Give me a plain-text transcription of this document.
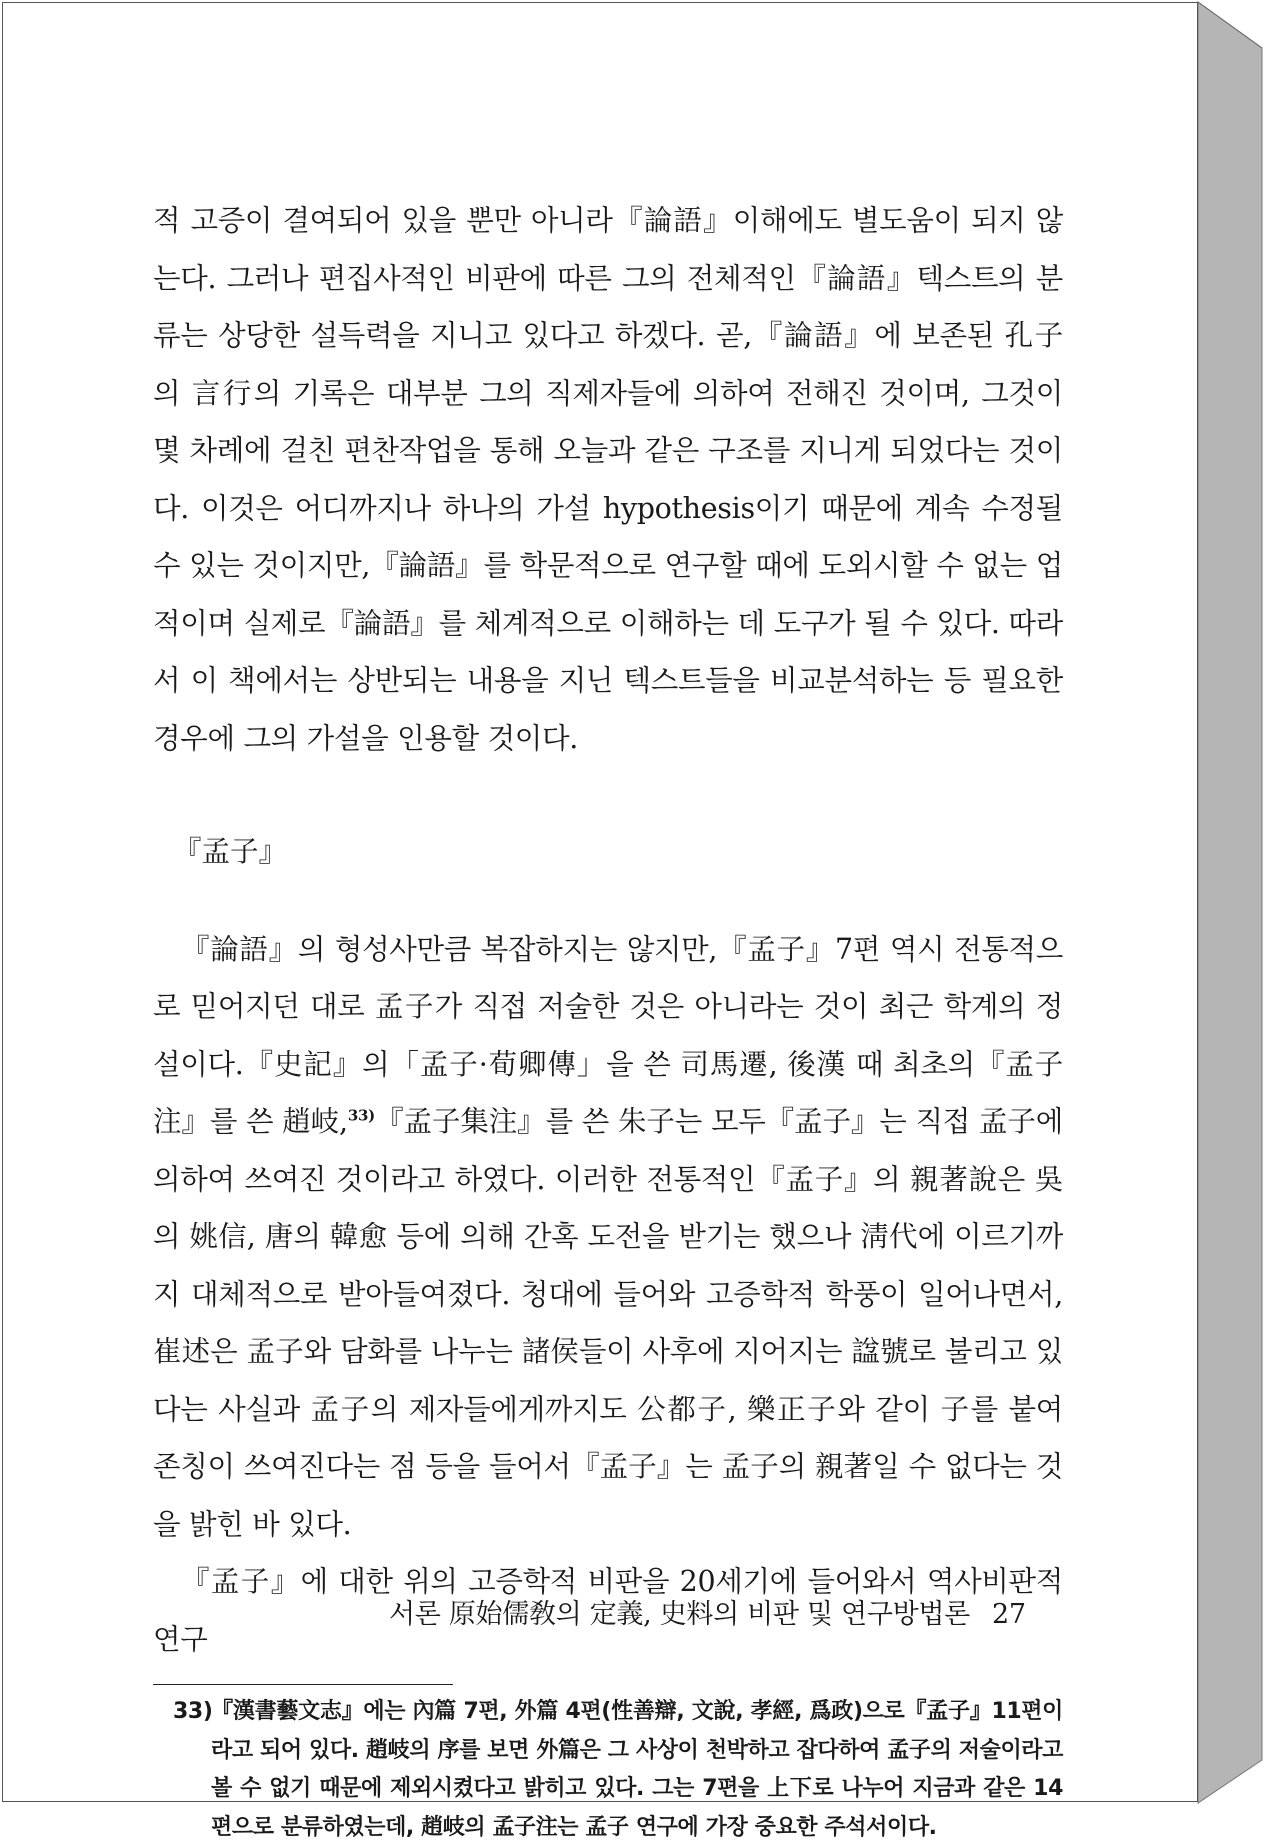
적 고증이 결여되어 있을 뿐만 아니라『論語』이해에도 별도움이 되지 않는다. 그러나 편집사적인 비판에 따른 그의 전체적인『論語』텍스트의 분류는 상당한 설득력을 지니고 있다고 하겠다. 곧,『論語』에 보존된 孔子의 言行의 기록은 대부분 그의 직제자들에 의하여 전해진 것이며, 그것이 몇 차례에 걸친 편찬작업을 통해 오늘과 같은 구조를 지니게 되었다는 것이다. 이것은 어디까지나 하나의 가설 hypothesis이기 때문에 계속 수정될 수 있는 것이지만,『論語』를 학문적으로 연구할 때에 도외시할 수 없는 업적이며 실제로『論語』를 체계적으로 이해하는 데 도구가 될 수 있다. 따라서 이 책에서는 상반되는 내용을 지닌 텍스트들을 비교분석하는 등 필요한 경우에 그의 가설을 인용할 것이다.

『孟子』

『論語』의 형성사만큼 복잡하지는 않지만,『孟子』7편 역시 전통적으로 믿어지던 대로 孟子가 직접 저술한 것은 아니라는 것이 최근 학계의 정설이다.『史記』의「孟子·荀卿傳」을 쓴 司馬遷, 後漢 때 최초의『孟子注』를 쓴 趙岐,$^{33)}$『孟子集注』를 쓴 朱子는 모두『孟子』는 직접 孟子에 의하여 쓰여진 것이라고 하였다. 이러한 전통적인『孟子』의 親著說은 吳의 姚信, 唐의 韓愈 등에 의해 간혹 도전을 받기는 했으나 淸代에 이르기까지 대체적으로 받아들여졌다. 청대에 들어와 고증학적 학풍이 일어나면서, 崔述은 孟子와 담화를 나누는 諸侯들이 사후에 지어지는 諡號로 불리고 있다는 사실과 孟子의 제자들에게까지도 公都子, 樂正子와 같이 子를 붙여 존칭이 쓰여진다는 점 등을 들어서『孟子』는 孟子의 親著일 수 없다는 것을 밝힌 바 있다.

『孟子』에 대한 위의 고증학적 비판을 20세기에 들어와서 역사비판적 연구

33)『漢書藝文志』에는 內篇 7편, 外篇 4편(性善辯, 文說, 孝經, 爲政)으로『孟子』11편이라고 되어 있다. 趙岐의 序를 보면 外篇은 그 사상이 천박하고 잡다하여 孟子의 저술이라고 볼 수 없기 때문에 제외시켰다고 밝히고 있다. 그는 7편을 上下로 나누어 지금과 같은 14편으로 분류하였는데, 趙岐의 孟子注는 孟子 연구에 가장 중요한 주석서이다.

서론 原始儒敎의 定義, 史料의 비판 및 연구방법론 27
